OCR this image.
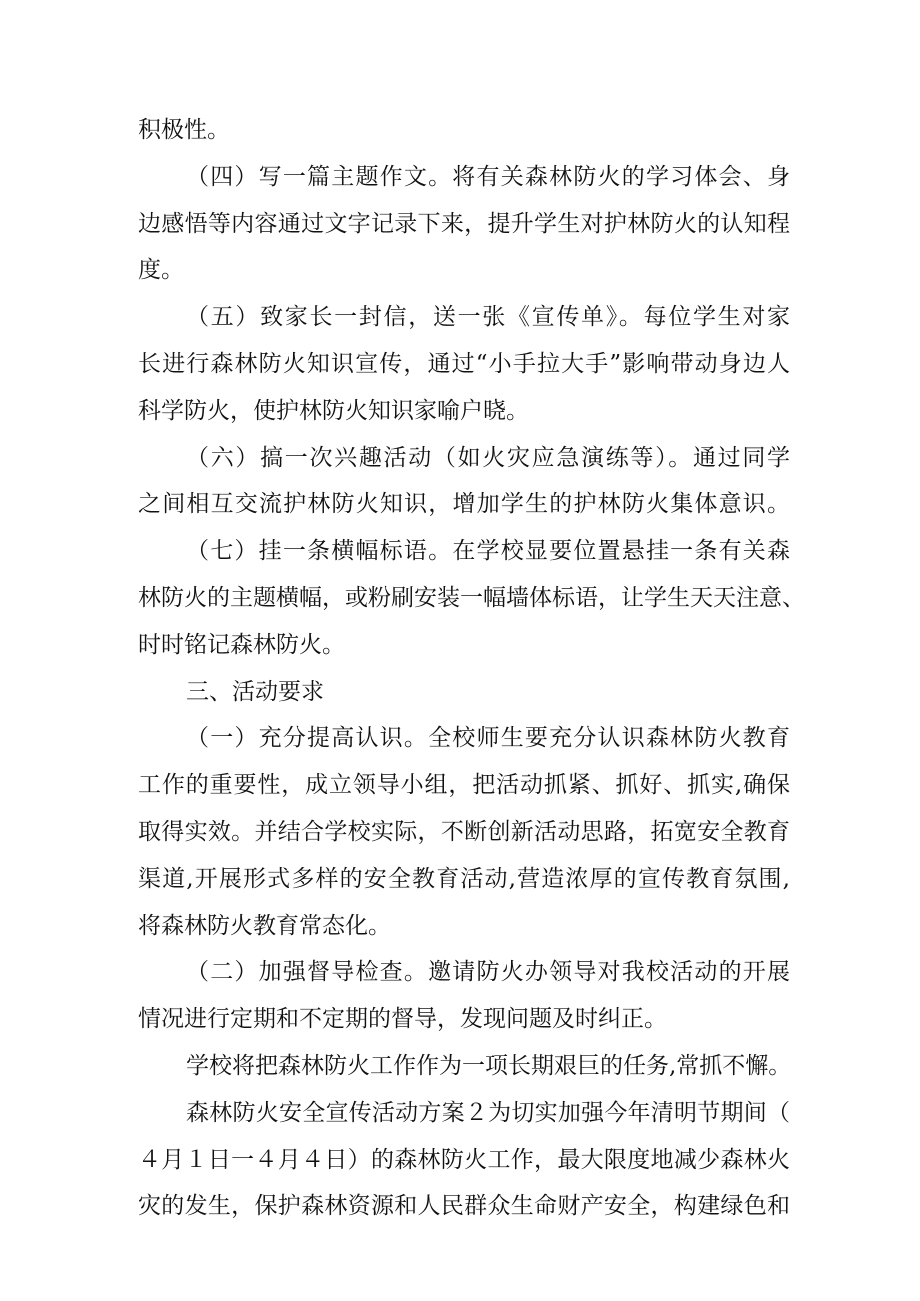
积极性。
（四）写一篇主题作文。将有关森林防火的学习体会、身
边感悟等内容通过文字记录下来，提升学生对护林防火的认知程
度。
（五）致家长一封信，送一张《宣传单》。每位学生对家
长进行森林防火知识宣传，通过“小手拉大手”影响带动身边人
科学防火，使护林防火知识家喻户晓。
（六）搞一次兴趣活动（如火灾应急演练等）。通过同学
之间相互交流护林防火知识，增加学生的护林防火集体意识。
（七）挂一条横幅标语。在学校显要位置悬挂一条有关森
林防火的主题横幅，或粉刷安装一幅墙体标语，让学生天天注意、
时时铭记森林防火。
三、活动要求
（一）充分提高认识。全校师生要充分认识森林防火教育
工作的重要性，成立领导小组，把活动抓紧、抓好、抓实,确保
取得实效。并结合学校实际，不断创新活动思路，拓宽安全教育
渠道,开展形式多样的安全教育活动,营造浓厚的宣传教育氛围,
将森林防火教育常态化。
（二）加强督导检查。邀请防火办领导对我校活动的开展
情况进行定期和不定期的督导，发现问题及时纠正。
学校将把森林防火工作作为一项长期艰巨的任务,常抓不懈。
森林防火安全宣传活动方案２为切实加强今年清明节期间（
４月１日一４月４日）的森林防火工作，最大限度地减少森林火
灾的发生，保护森林资源和人民群众生命财产安全，构建绿色和
